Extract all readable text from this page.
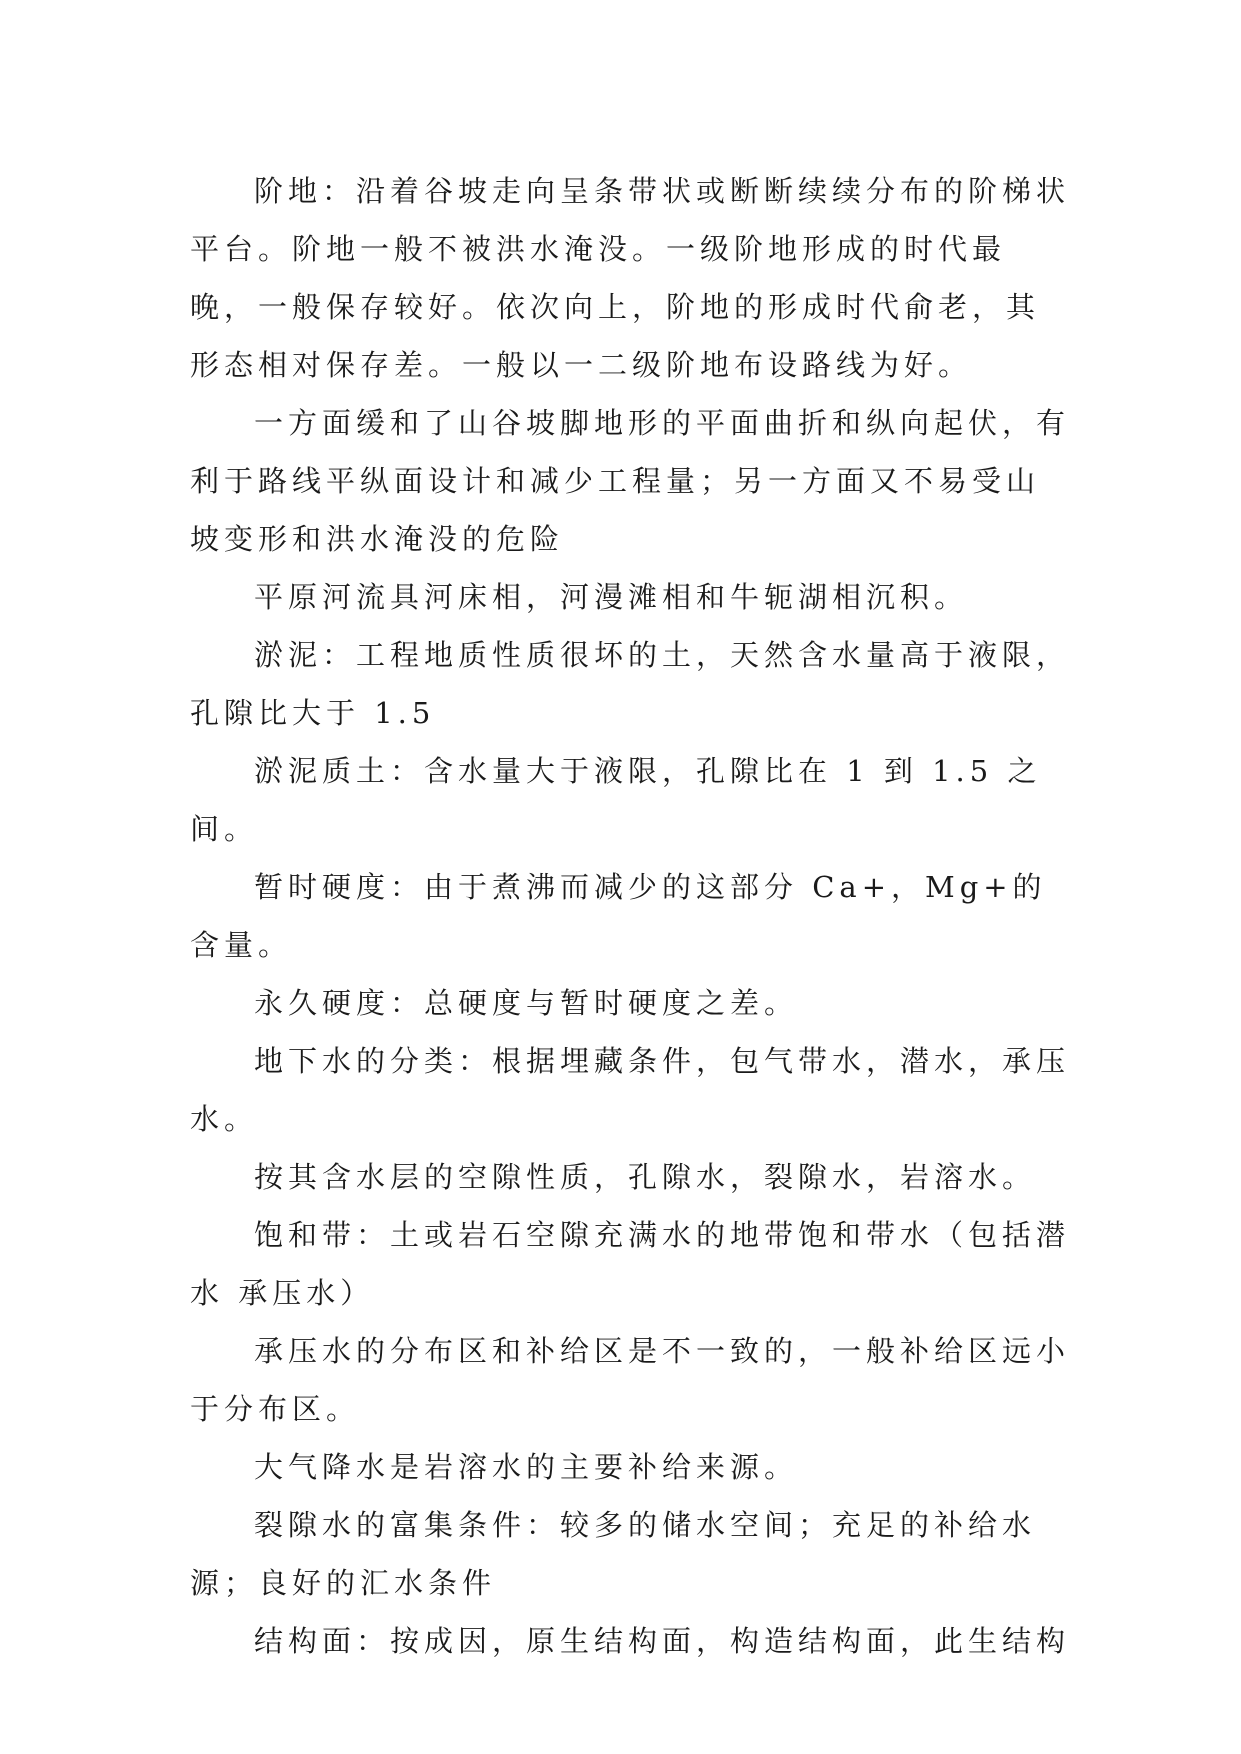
阶地：沿着谷坡走向呈条带状或断断续续分布的阶梯状平台。阶地一般不被洪水淹没。一级阶地形成的时代最晚，一般保存较好。依次向上，阶地的形成时代俞老，其形态相对保存差。一般以一二级阶地布设路线为好。

一方面缓和了山谷坡脚地形的平面曲折和纵向起伏，有利于路线平纵面设计和减少工程量；另一方面又不易受山坡变形和洪水淹没的危险

平原河流具河床相，河漫滩相和牛轭湖相沉积。

淤泥：工程地质性质很坏的土，天然含水量高于液限，孔隙比大于 1.5

淤泥质土：含水量大于液限，孔隙比在 1 到 1.5 之间。

暂时硬度：由于煮沸而减少的这部分 Ca+，Mg+的含量。

永久硬度：总硬度与暂时硬度之差。

地下水的分类：根据埋藏条件，包气带水，潜水，承压水。

按其含水层的空隙性质，孔隙水，裂隙水，岩溶水。

饱和带：土或岩石空隙充满水的地带饱和带水（包括潜水 承压水）

承压水的分布区和补给区是不一致的，一般补给区远小于分布区。

大气降水是岩溶水的主要补给来源。

裂隙水的富集条件：较多的储水空间；充足的补给水源；良好的汇水条件

结构面：按成因，原生结构面，构造结构面，此生结构
